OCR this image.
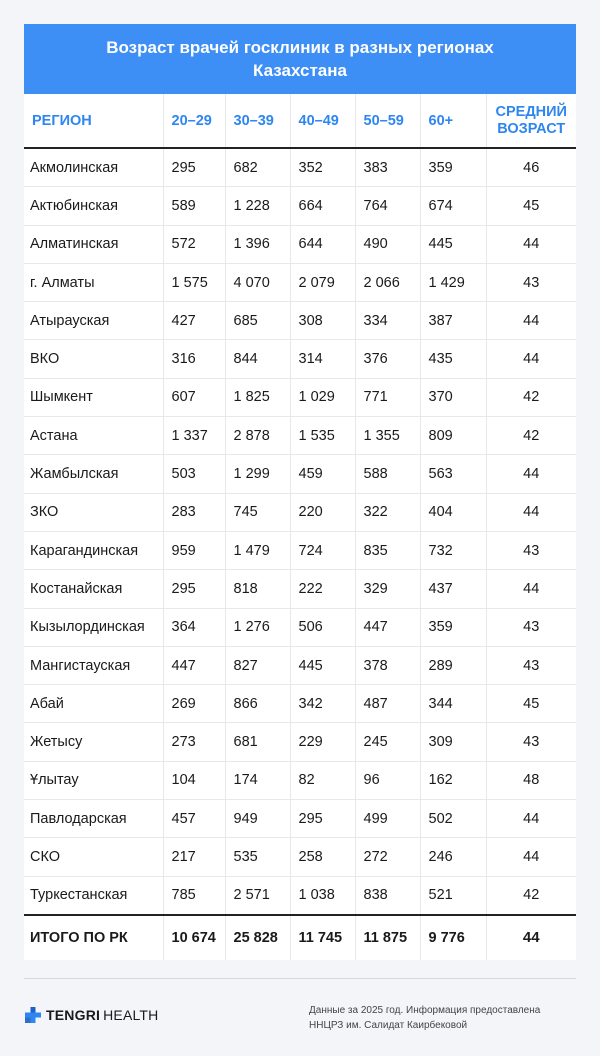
Возраст врачей госклиник в разных регионах
Казахстана
РЕГИОН	20–29	30–39	40–49	50–59	60+	СРЕДНИЙ
ВОЗРАСТ

Акмолинская	295	682	352	383	359	46
Актюбинская	589	1 228	664	764	674	45
Алматинская	572	1 396	644	490	445	44
г. Алматы	1 575	4 070	2 079	2 066	1 429	43
Атырауская	427	685	308	334	387	44
ВКО	316	844	314	376	435	44
Шымкент	607	1 825	1 029	771	370	42
Астана	1 337	2 878	1 535	1 355	809	42
Жамбылская	503	1 299	459	588	563	44
ЗКО	283	745	220	322	404	44
Карагандинская	959	1 479	724	835	732	43
Костанайская	295	818	222	329	437	44
Кызылординская	364	1 276	506	447	359	43
Мангистауская	447	827	445	378	289	43
Абай	269	866	342	487	344	45
Жетысу	273	681	229	245	309	43
Ұлытау	104	174	82	96	162	48
Павлодарская	457	949	295	499	502	44
СКО	217	535	258	272	246	44
Туркестанская	785	2 571	1 038	838	521	42
ИТОГО ПО РК	10 674	25 828	11 745	11 875	9 776	44
TENGRI HEALTH	Данные за 2025 год. Информация предоставлена
ННЦРЗ им. Салидат Каирбековой
